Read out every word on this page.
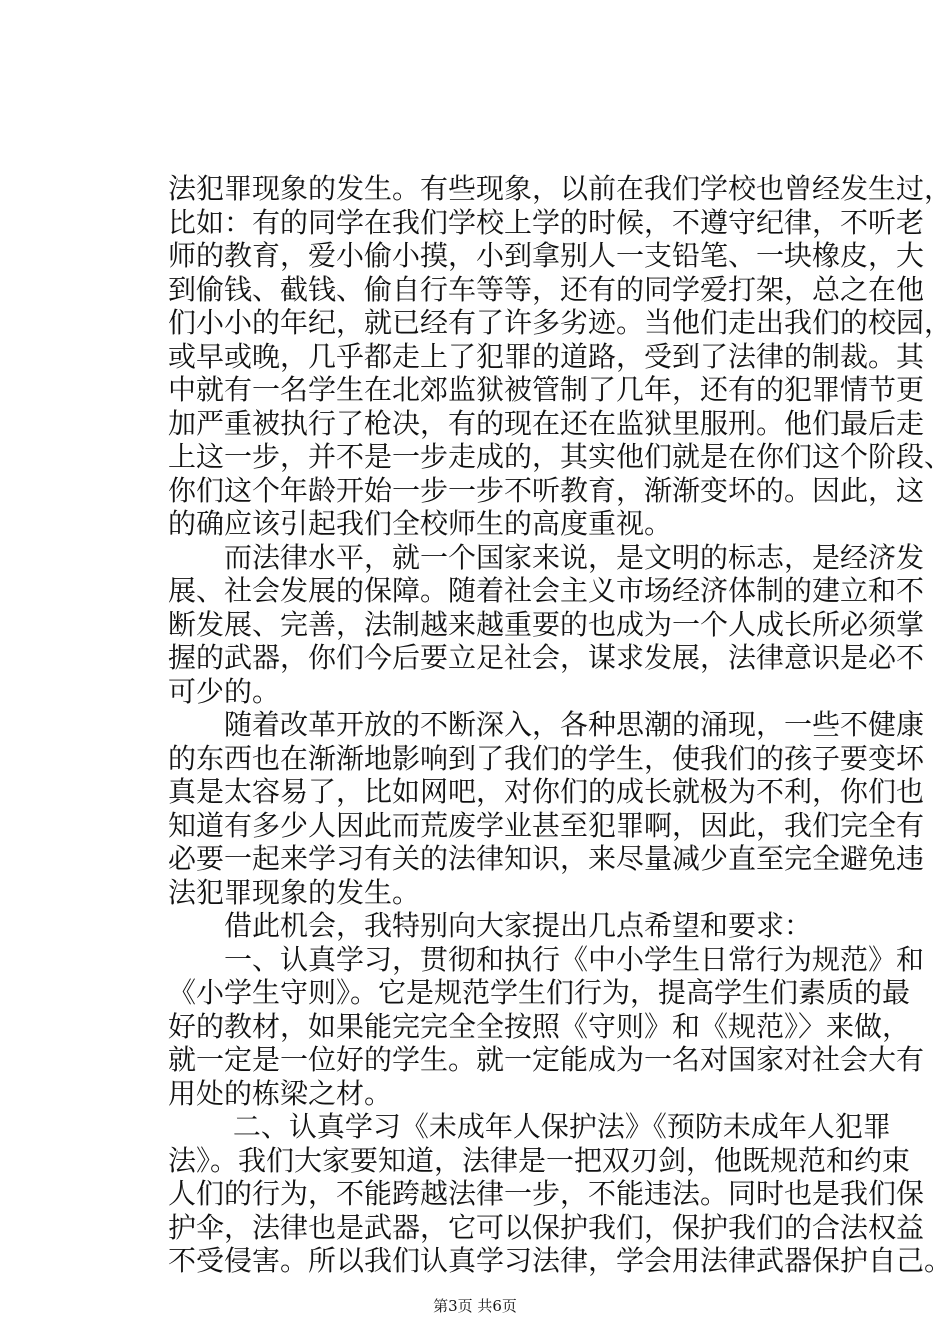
法犯罪现象的发生。有些现象，以前在我们学校也曾经发生过，
比如：有的同学在我们学校上学的时候，不遵守纪律，不听老
师的教育，爱小偷小摸，小到拿别人一支铅笔、一块橡皮，大
到偷钱、截钱、偷自行车等等，还有的同学爱打架，总之在他
们小小的年纪，就已经有了许多劣迹。当他们走出我们的校园，
或早或晚，几乎都走上了犯罪的道路，受到了法律的制裁。其
中就有一名学生在北郊监狱被管制了几年，还有的犯罪情节更
加严重被执行了枪决，有的现在还在监狱里服刑。他们最后走
上这一步，并不是一步走成的，其实他们就是在你们这个阶段、
你们这个年龄开始一步一步不听教育，渐渐变坏的。因此，这
的确应该引起我们全校师生的高度重视。
　　而法律水平，就一个国家来说，是文明的标志，是经济发
展、社会发展的保障。随着社会主义市场经济体制的建立和不
断发展、完善，法制越来越重要的也成为一个人成长所必须掌
握的武器，你们今后要立足社会，谋求发展，法律意识是必不
可少的。
　　随着改革开放的不断深入，各种思潮的涌现，一些不健康
的东西也在渐渐地影响到了我们的学生，使我们的孩子要变坏
真是太容易了，比如网吧，对你们的成长就极为不利，你们也
知道有多少人因此而荒废学业甚至犯罪啊，因此，我们完全有
必要一起来学习有关的法律知识，来尽量减少直至完全避免违
法犯罪现象的发生。
　　借此机会，我特别向大家提出几点希望和要求：
　　一、认真学习，贯彻和执行《中小学生日常行为规范》和
《小学生守则》。它是规范学生们行为，提高学生们素质的最
好的教材，如果能完完全全按照《守则》和《规范》〉来做，
就一定是一位好的学生。就一定能成为一名对国家对社会大有
用处的栋梁之材。
　　 二、认真学习《未成年人保护法》《预防未成年人犯罪
法》。我们大家要知道，法律是一把双刃剑，他既规范和约束
人们的行为，不能跨越法律一步，不能违法。同时也是我们保
护伞，法律也是武器，它可以保护我们，保护我们的合法权益
不受侵害。所以我们认真学习法律，学会用法律武器保护自己。
第3页 共6页
